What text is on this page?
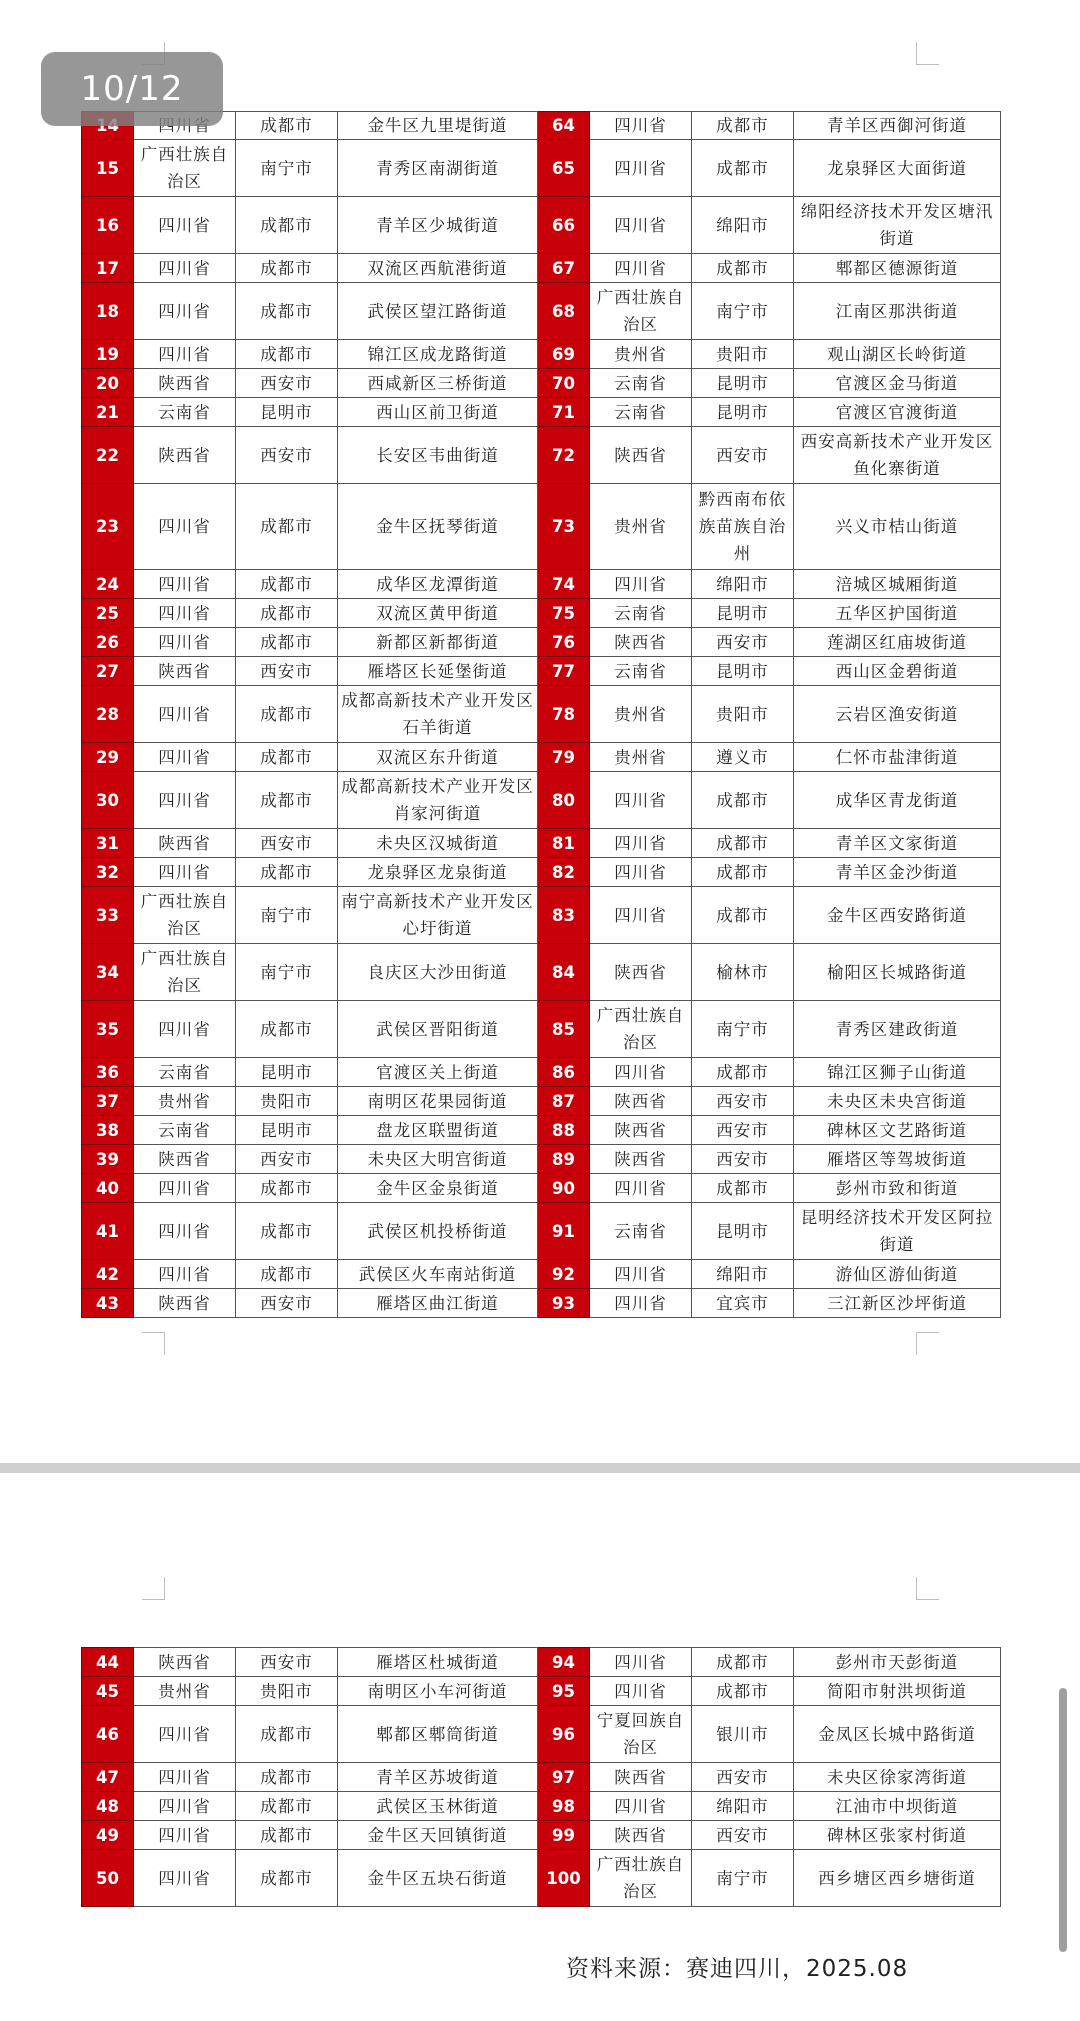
		成都市	金牛区九里堤街道	64	四川省	成都市	青羊区西御河街道
15	广西壮族自治区	南宁市	青秀区南湖街道	65	四川省	成都市	龙泉驿区大面街道
16	四川省	成都市	青羊区少城街道	66	四川省	绵阳市	绵阳经济技术开发区塘汛街道
17	四川省	成都市	双流区西航港街道	67	四川省	成都市	郫都区德源街道
18	四川省	成都市	武侯区望江路街道	68	广西壮族自治区	南宁市	江南区那洪街道
19	四川省	成都市	锦江区成龙路街道	69	贵州省	贵阳市	观山湖区长岭街道
20	陕西省	西安市	西咸新区三桥街道	70	云南省	昆明市	官渡区金马街道
21	云南省	昆明市	西山区前卫街道	71	云南省	昆明市	官渡区官渡街道
22	陕西省	西安市	长安区韦曲街道	72	陕西省	西安市	西安高新技术产业开发区鱼化寨街道
23	四川省	成都市	金牛区抚琴街道	73	贵州省	黔西南布依族苗族自治州	兴义市桔山街道
24	四川省	成都市	成华区龙潭街道	74	四川省	绵阳市	涪城区城厢街道
25	四川省	成都市	双流区黄甲街道	75	云南省	昆明市	五华区护国街道
26	四川省	成都市	新都区新都街道	76	陕西省	西安市	莲湖区红庙坡街道
27	陕西省	西安市	雁塔区长延堡街道	77	云南省	昆明市	西山区金碧街道
28	四川省	成都市	成都高新技术产业开发区石羊街道	78	贵州省	贵阳市	云岩区渔安街道
29	四川省	成都市	双流区东升街道	79	贵州省	遵义市	仁怀市盐津街道
30	四川省	成都市	成都高新技术产业开发区肖家河街道	80	四川省	成都市	成华区青龙街道
31	陕西省	西安市	未央区汉城街道	81	四川省	成都市	青羊区文家街道
32	四川省	成都市	龙泉驿区龙泉街道	82	四川省	成都市	青羊区金沙街道
33	广西壮族自治区	南宁市	南宁高新技术产业开发区心圩街道	83	四川省	成都市	金牛区西安路街道
34	广西壮族自治区	南宁市	良庆区大沙田街道	84	陕西省	榆林市	榆阳区长城路街道
35	四川省	成都市	武侯区晋阳街道	85	广西壮族自治区	南宁市	青秀区建政街道
36	云南省	昆明市	官渡区关上街道	86	四川省	成都市	锦江区狮子山街道
37	贵州省	贵阳市	南明区花果园街道	87	陕西省	西安市	未央区未央宫街道
38	云南省	昆明市	盘龙区联盟街道	88	陕西省	西安市	碑林区文艺路街道
39	陕西省	西安市	未央区大明宫街道	89	陕西省	西安市	雁塔区等驾坡街道
40	四川省	成都市	金牛区金泉街道	90	四川省	成都市	彭州市致和街道
41	四川省	成都市	武侯区机投桥街道	91	云南省	昆明市	昆明经济技术开发区阿拉街道
42	四川省	成都市	武侯区火车南站街道	92	四川省	绵阳市	游仙区游仙街道
43	陕西省	西安市	雁塔区曲江街道	93	四川省	宜宾市	三江新区沙坪街道
44	陕西省	西安市	雁塔区杜城街道	94	四川省	成都市	彭州市天彭街道
45	贵州省	贵阳市	南明区小车河街道	95	四川省	成都市	简阳市射洪坝街道
46	四川省	成都市	郫都区郫筒街道	96	宁夏回族自治区	银川市	金凤区长城中路街道
47	四川省	成都市	青羊区苏坡街道	97	陕西省	西安市	未央区徐家湾街道
48	四川省	成都市	武侯区玉林街道	98	四川省	绵阳市	江油市中坝街道
49	四川省	成都市	金牛区天回镇街道	99	陕西省	西安市	碑林区张家村街道
50	四川省	成都市	金牛区五块石街道	100	广西壮族自治区	南宁市	西乡塘区西乡塘街道
资料来源：赛迪四川，2025.08
10/12
